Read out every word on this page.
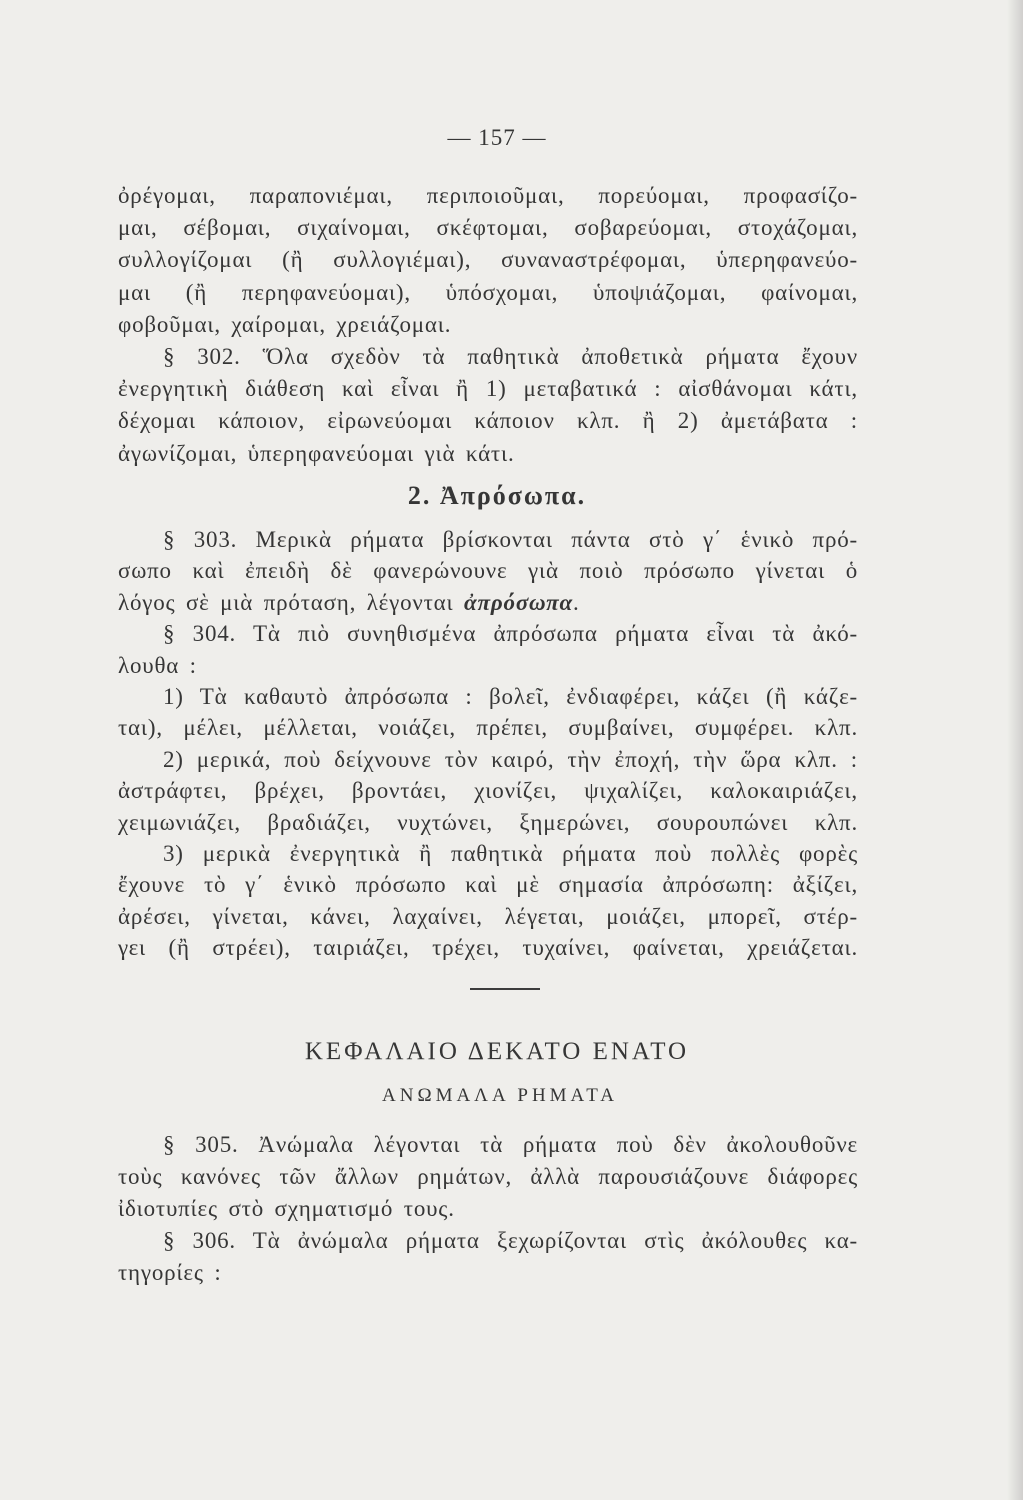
— 157 —
ὀρέγομαι, παραπονιέμαι, περιποιοῦμαι, πορεύομαι, προφασίζο-
μαι, σέβομαι, σιχαίνομαι, σκέφτομαι, σοβαρεύομαι, στοχάζομαι,
συλλογίζομαι (ἢ συλλογιέμαι), συναναστρέφομαι, ὑπερηφανεύο-
μαι (ἢ περηφανεύομαι), ὑπόσχομαι, ὑποψιάζομαι, φαίνομαι,
φοβοῦμαι, χαίρομαι, χρειάζομαι.
§ 302. Ὅλα σχεδὸν τὰ παθητικὰ ἀποθετικὰ ρήματα ἔχουν
ἐνεργητικὴ διάθεση καὶ εἶναι ἢ 1) μεταβατικά : αἰσθάνομαι κάτι,
δέχομαι κάποιον, εἰρωνεύομαι κάποιον κλπ. ἢ 2) ἀμετάβατα :
ἀγωνίζομαι, ὑπερηφανεύομαι γιὰ κάτι.
2. Ἀπρόσωπα.
§ 303. Μερικὰ ρήματα βρίσκονται πάντα στὸ γ΄ ἑνικὸ πρό-
σωπο καὶ ἐπειδὴ δὲ φανερώνουνε γιὰ ποιὸ πρόσωπο γίνεται ὁ
λόγος σὲ μιὰ πρόταση, λέγονται ἀπρόσωπα.
§ 304. Τὰ πιὸ συνηθισμένα ἀπρόσωπα ρήματα εἶναι τὰ ἀκό-
λουθα :
1) Τὰ καθαυτὸ ἀπρόσωπα : βολεῖ, ἐνδιαφέρει, κάζει (ἢ κάζε-
ται), μέλει, μέλλεται, νοιάζει, πρέπει, συμβαίνει, συμφέρει. κλπ.
2) μερικά, ποὺ δείχνουνε τὸν καιρό, τὴν ἐποχή, τὴν ὥρα κλπ. :
ἀστράφτει, βρέχει, βροντάει, χιονίζει, ψιχαλίζει, καλοκαιριάζει,
χειμωνιάζει, βραδιάζει, νυχτώνει, ξημερώνει, σουρουπώνει κλπ.
3) μερικὰ ἐνεργητικὰ ἢ παθητικὰ ρήματα ποὺ πολλὲς φορὲς
ἔχουνε τὸ γ΄ ἑνικὸ πρόσωπο καὶ μὲ σημασία ἀπρόσωπη: ἀξίζει,
ἀρέσει, γίνεται, κάνει, λαχαίνει, λέγεται, μοιάζει, μπορεῖ, στέρ-
γει (ἢ στρέει), ταιριάζει, τρέχει, τυχαίνει, φαίνεται, χρειάζεται.
ΚΕΦΑΛΑΙΟ ΔΕΚΑΤΟ ΕΝΑΤΟ
ΑΝΩΜΑΛΑ ΡΗΜΑΤΑ
§ 305. Ἀνώμαλα λέγονται τὰ ρήματα ποὺ δὲν ἀκολουθοῦνε
τοὺς κανόνες τῶν ἄλλων ρημάτων, ἀλλὰ παρουσιάζουνε διάφορες
ἰδιοτυπίες στὸ σχηματισμό τους.
§ 306. Τὰ ἀνώμαλα ρήματα ξεχωρίζονται στὶς ἀκόλουθες κα-
τηγορίες :
